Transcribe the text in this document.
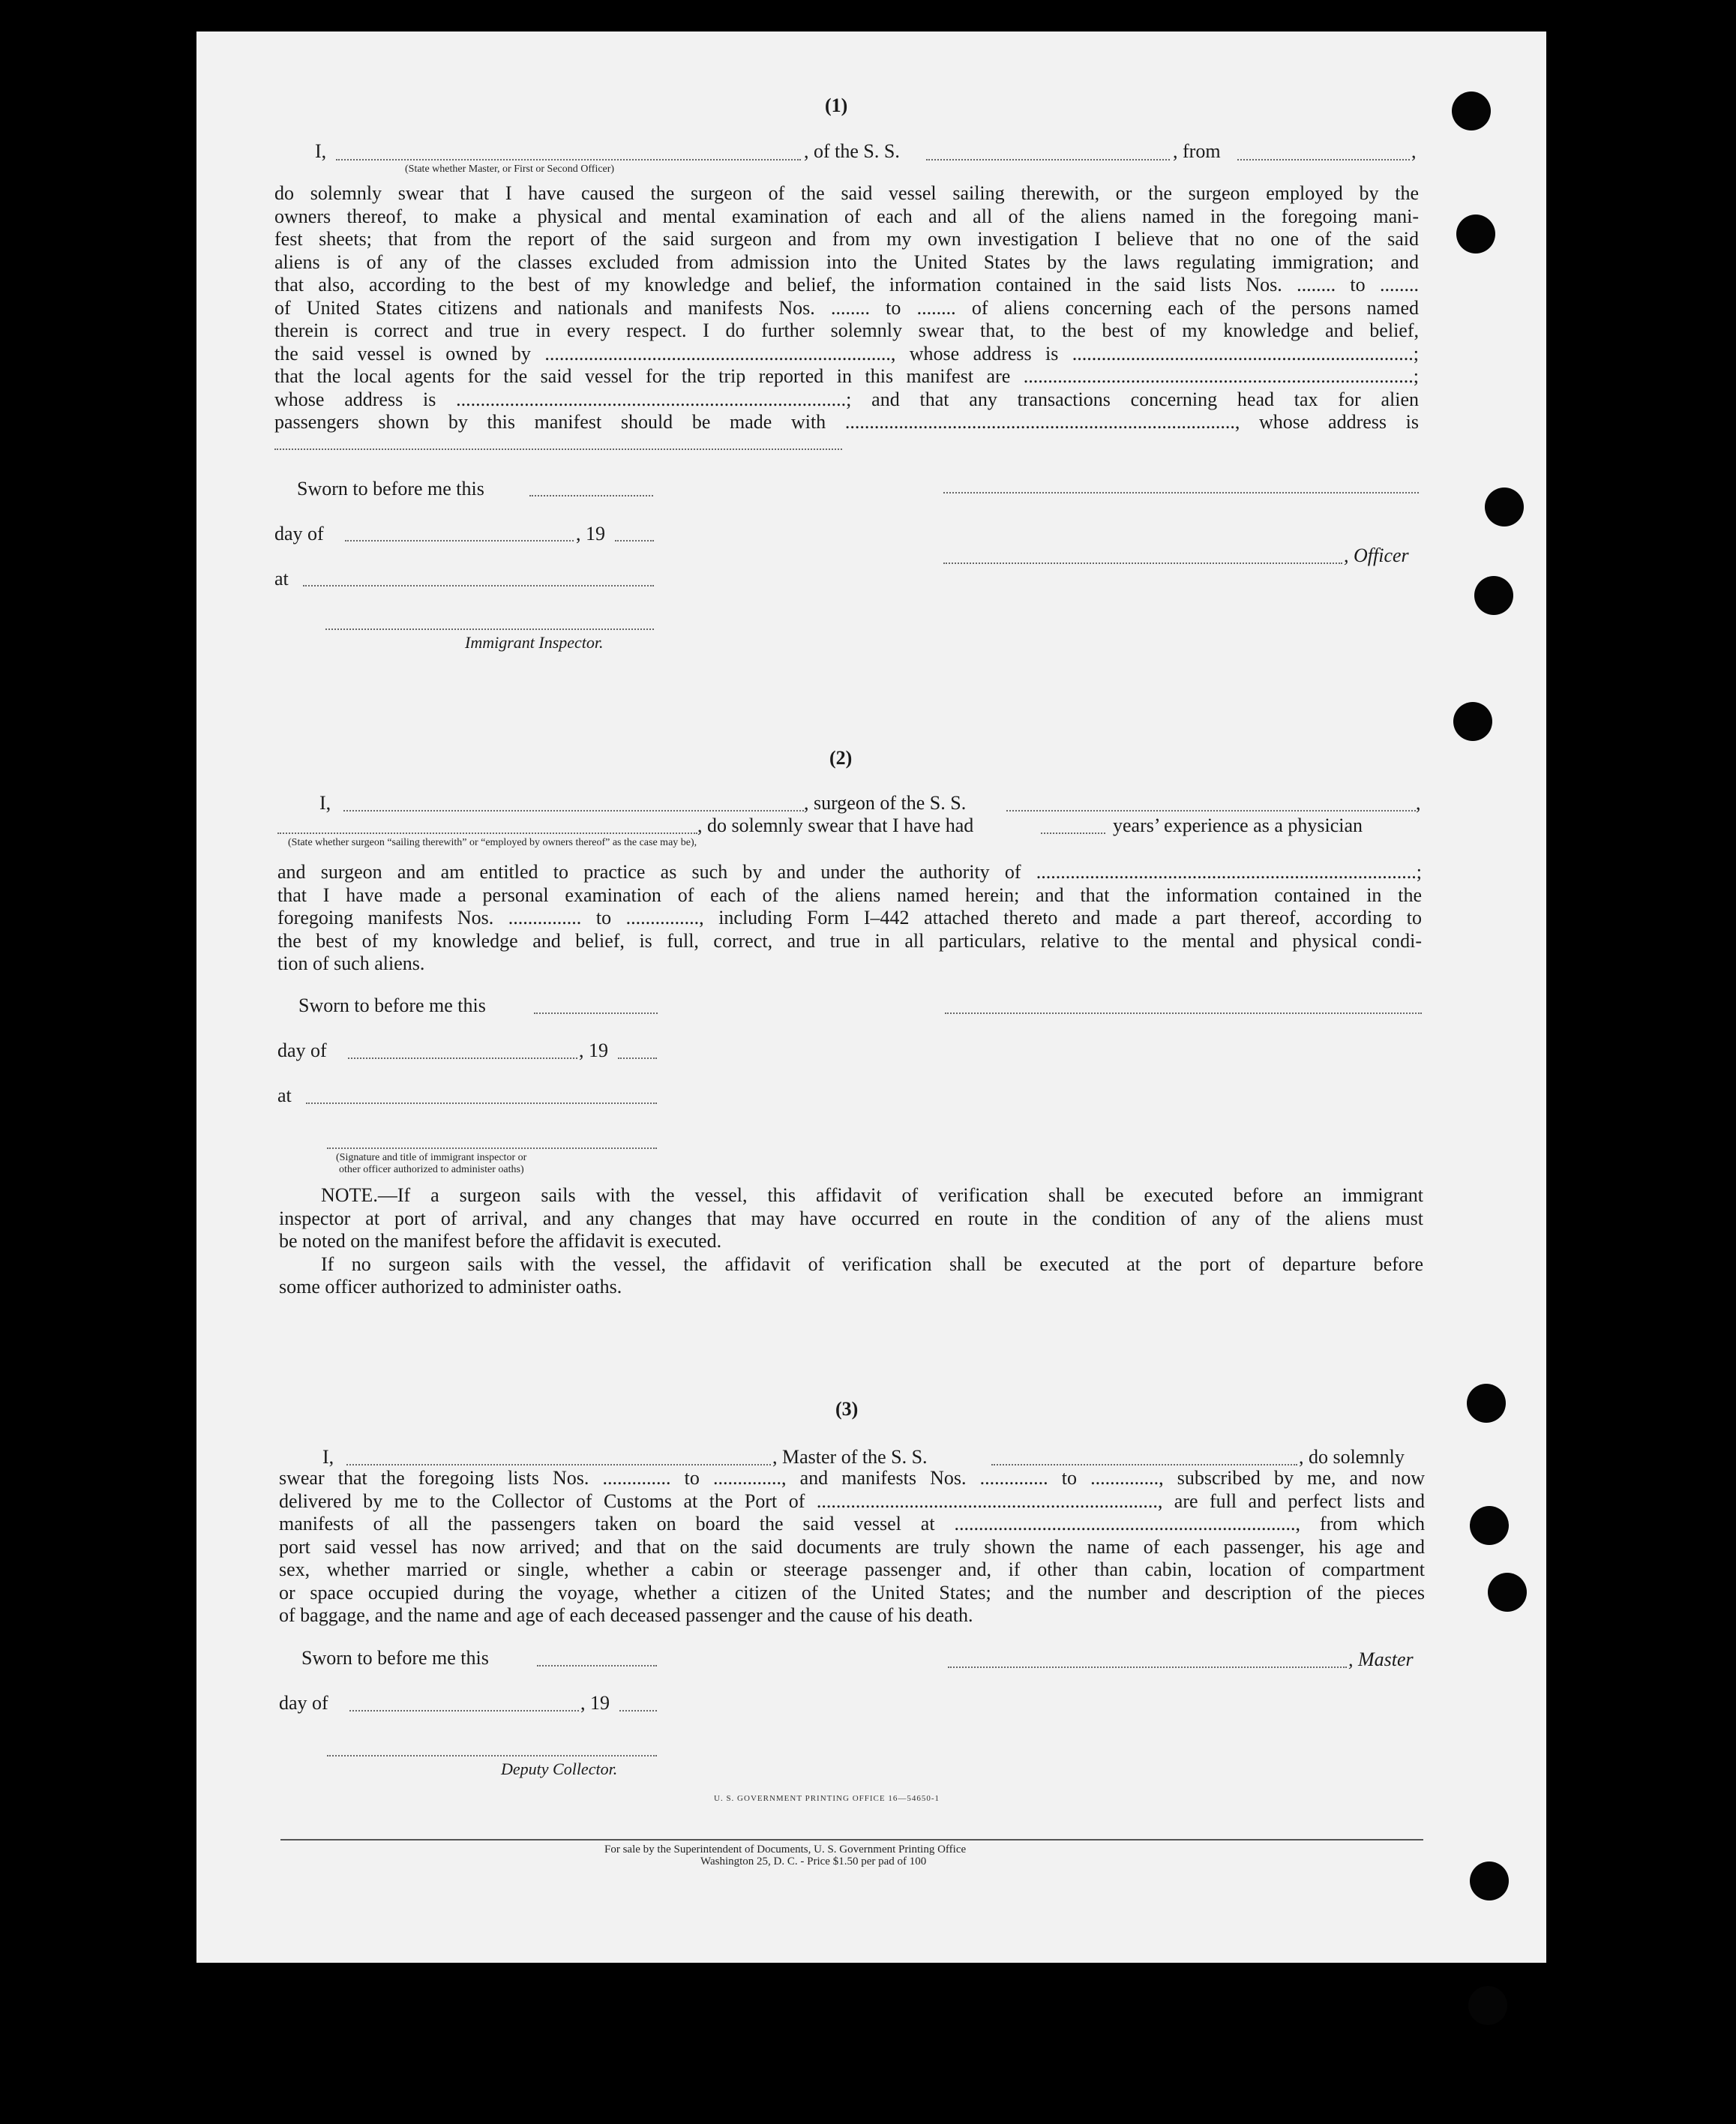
(1)
I,	, of the S. S.	, from	,
(State whether Master, or First or Second Officer)
do solemnly swear that I have caused the surgeon of the said vessel sailing therewith, or the surgeon employed by the
owners thereof, to make a physical and mental examination of each and all of the aliens named in the foregoing mani-
fest sheets; that from the report of the said surgeon and from my own investigation I believe that no one of the said
aliens is of any of the classes excluded from admission into the United States by the laws regulating immigration; and
that also, according to the best of my knowledge and belief, the information contained in the said lists Nos. ........ to ........
of United States citizens and nationals and manifests Nos. ........ to ........ of aliens concerning each of the persons named
therein is correct and true in every respect. I do further solemnly swear that, to the best of my knowledge and belief,
the said vessel is owned by ......................................................................., whose address is ......................................................................;
that the local agents for the said vessel for the trip reported in this manifest are ................................................................................;
whose address is ................................................................................; and that any transactions concerning head tax for alien
passengers shown by this manifest should be made with ................................................................................, whose address is
Sworn to before me this
day of	, 19
, Officer
at
Immigrant Inspector.
(2)
I,	, surgeon of the S. S.	,
, do solemnly swear that I have had	years’ experience as a physician
(State whether surgeon “sailing therewith” or “employed by owners thereof” as the case may be),
and surgeon and am entitled to practice as such by and under the authority of ..............................................................................;
that I have made a personal examination of each of the aliens named herein; and that the information contained in the
foregoing manifests Nos. ............... to ..............., including Form I–442 attached thereto and made a part thereof, according to
the best of my knowledge and belief, is full, correct, and true in all particulars, relative to the mental and physical condi-
tion of such aliens.
Sworn to before me this
day of	, 19
at
(Signature and title of immigrant inspector or
other officer authorized to administer oaths)
NOTE.—If a surgeon sails with the vessel, this affidavit of verification shall be executed before an immigrant
inspector at port of arrival, and any changes that may have occurred en route in the condition of any of the aliens must
be noted on the manifest before the affidavit is executed.
If no surgeon sails with the vessel, the affidavit of verification shall be executed at the port of departure before
some officer authorized to administer oaths.
(3)
I,	, Master of the S. S.	, do solemnly
swear that the foregoing lists Nos. .............. to .............., and manifests Nos. .............. to .............., subscribed by me, and now
delivered by me to the Collector of Customs at the Port of ......................................................................, are full and perfect lists and
manifests of all the passengers taken on board the said vessel at ......................................................................, from which
port said vessel has now arrived; and that on the said documents are truly shown the name of each passenger, his age and
sex, whether married or single, whether a cabin or steerage passenger and, if other than cabin, location of compartment
or space occupied during the voyage, whether a citizen of the United States; and the number and description of the pieces
of baggage, and the name and age of each deceased passenger and the cause of his death.
Sworn to before me this	, Master
day of	, 19
Deputy Collector.
U. S. GOVERNMENT PRINTING OFFICE 16—54650-1
For sale by the Superintendent of Documents, U. S. Government Printing Office
Washington 25, D. C. - Price $1.50 per pad of 100
